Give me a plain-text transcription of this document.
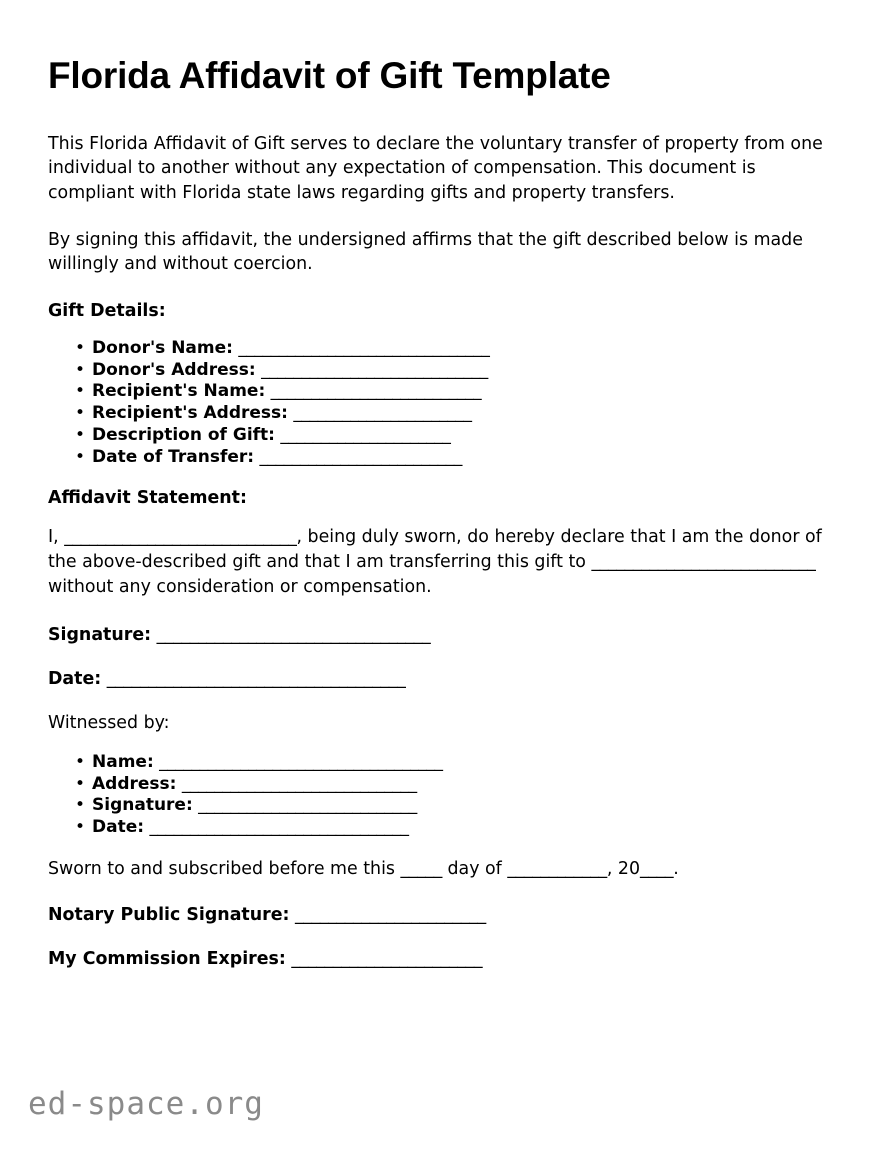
Florida Affidavit of Gift Template

This Florida Affidavit of Gift serves to declare the voluntary transfer of property from one individual to another without any expectation of compensation. This document is compliant with Florida state laws regarding gifts and property transfers.

By signing this affidavit, the undersigned affirms that the gift described below is made willingly and without coercion.

Gift Details:
• Donor's Name: _______________________________
• Donor's Address: ____________________________
• Recipient's Name: __________________________
• Recipient's Address: ______________________
• Description of Gift: _____________________
• Date of Transfer: _________________________
Affidavit Statement:

I, ____________________________, being duly sworn, do hereby declare that I am the donor of the above-described gift and that I am transferring this gift to ___________________________ without any consideration or compensation.

Signature: _________________________________
Date: ____________________________________
Witnessed by:
• Name: ___________________________________
• Address: _____________________________
• Signature: ___________________________
• Date: ________________________________

Sworn to and subscribed before me this _____ day of ____________, 20____.

Notary Public Signature: _______________________
My Commission Expires: _______________________
ed-space.org
